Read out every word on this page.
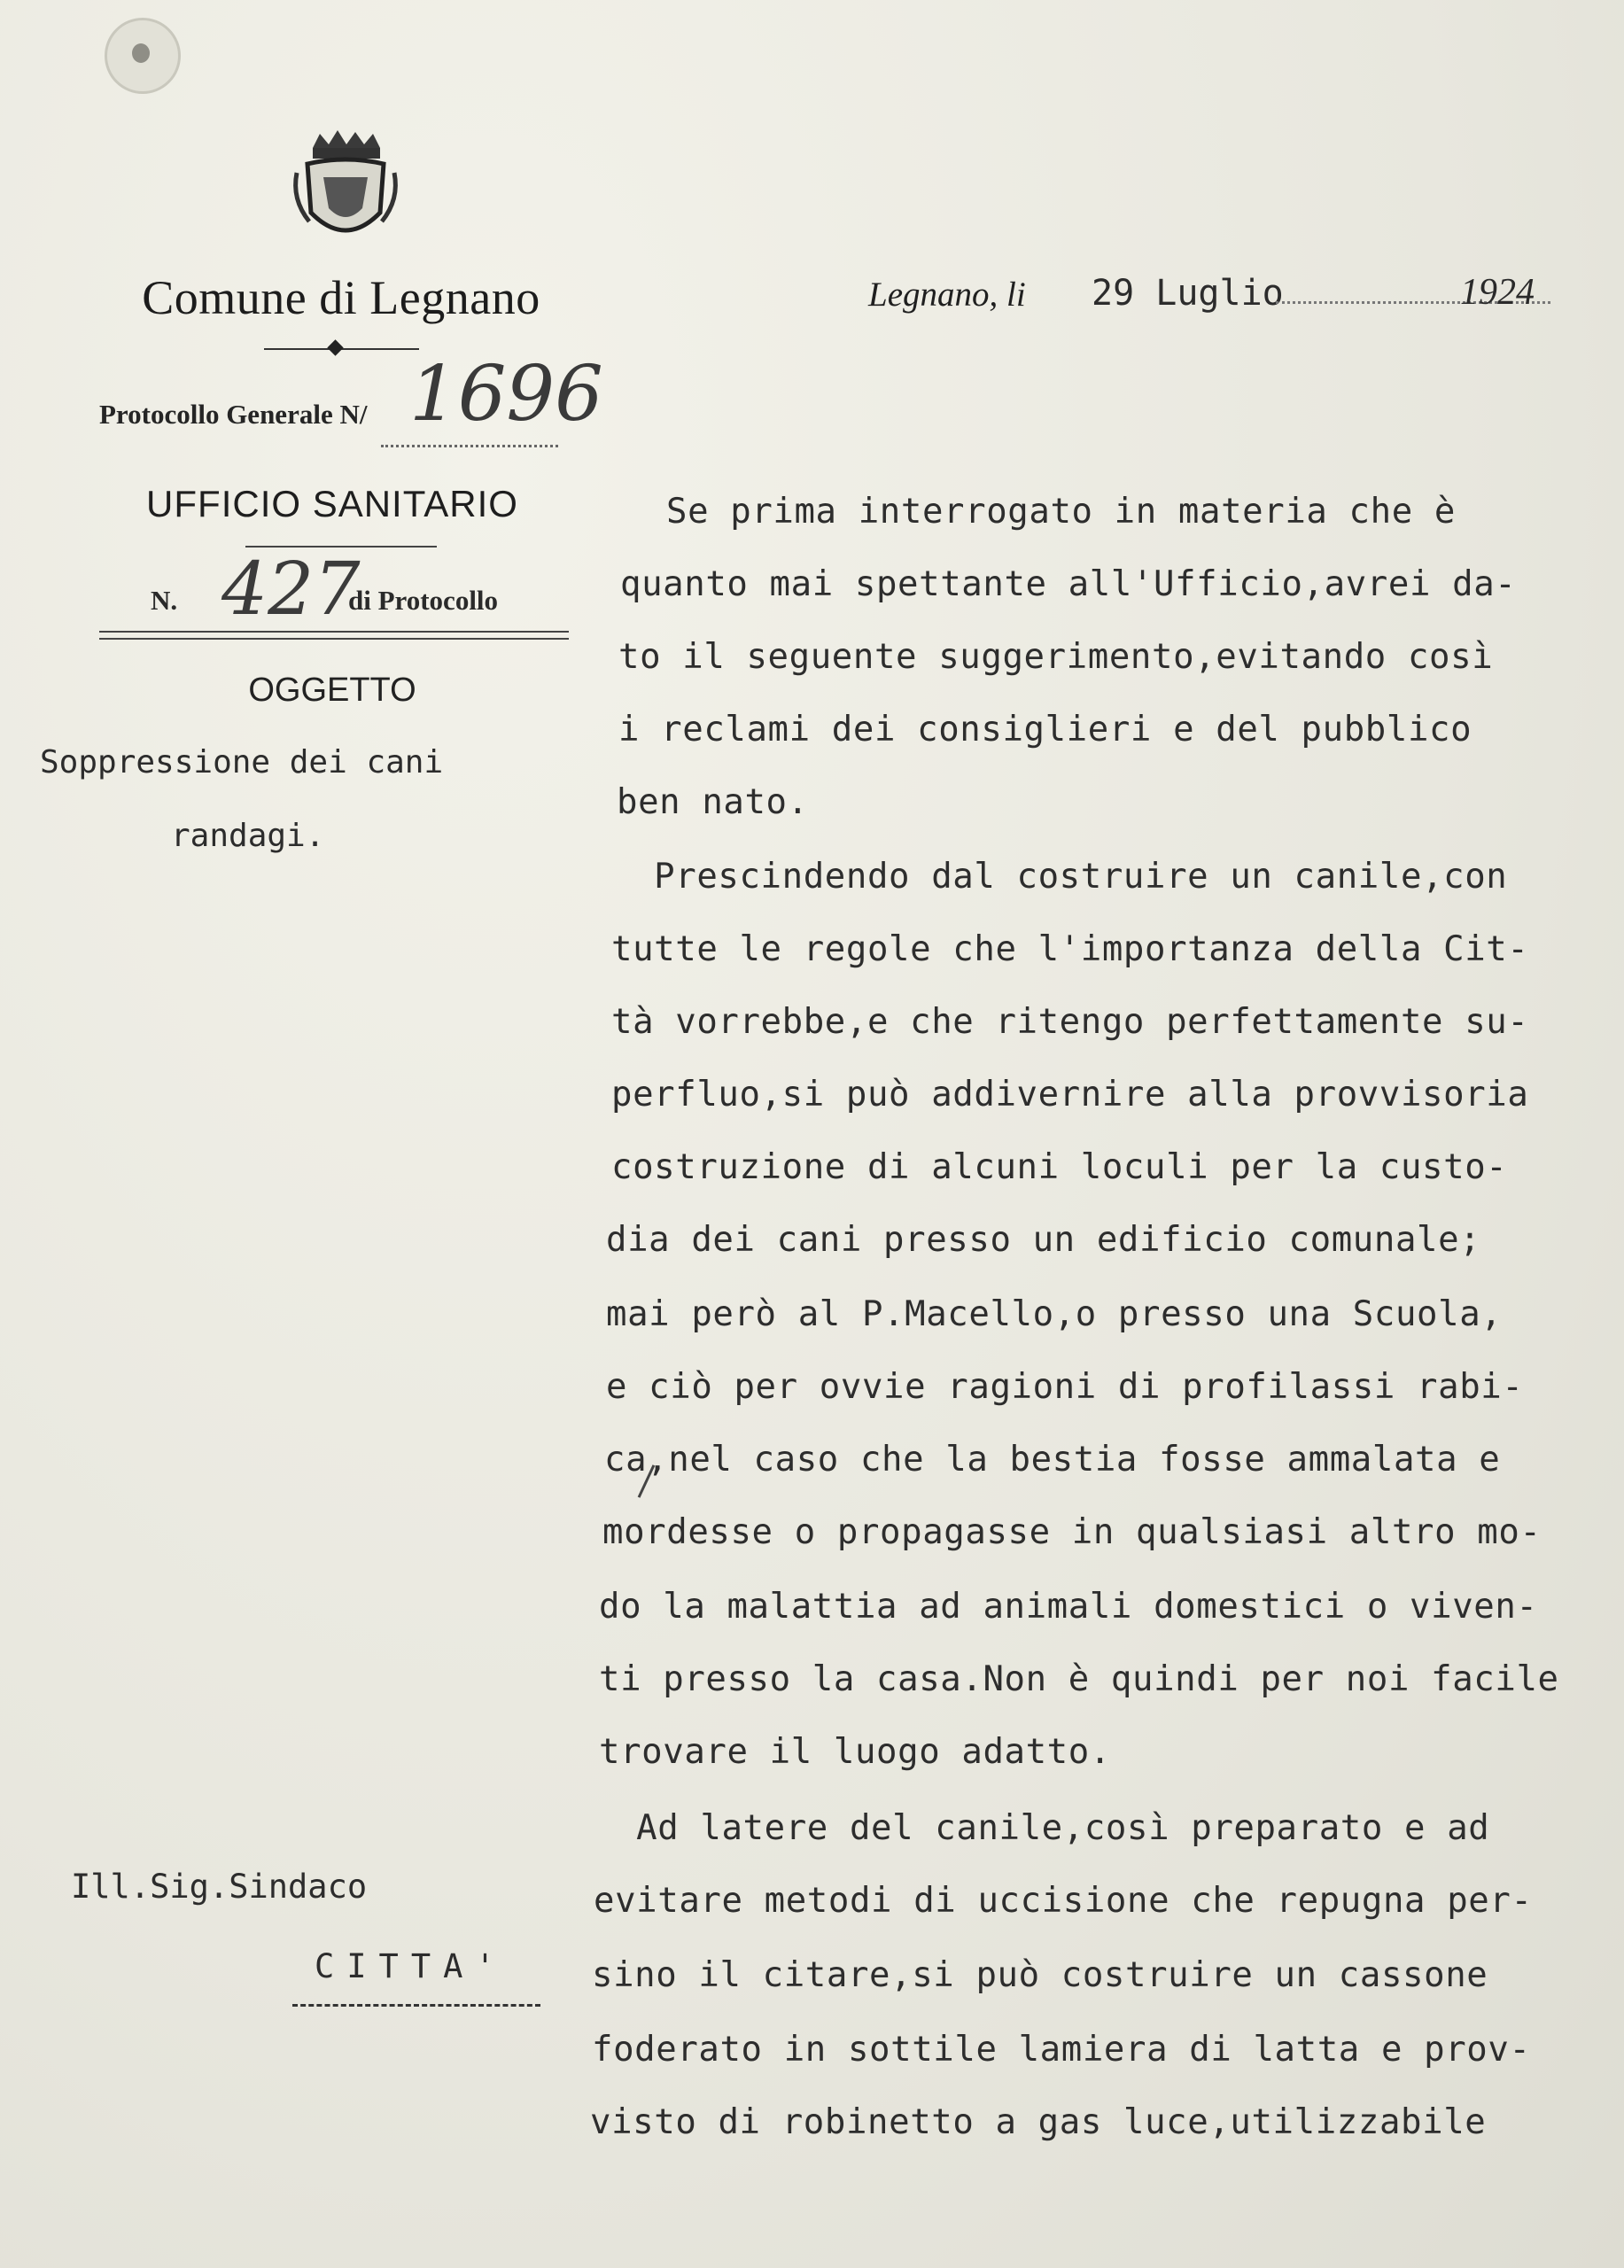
Comune di Legnano
Protocollo Generale N/ 1696
UFFICIO SANITARIO
N. 427
di Protocollo
OGGETTO
Soppressione dei cani
randagi.
Legnano, li 29 Luglio	1924
Se prima interrogato in materia che è
quanto mai spettante all'Ufficio,avrei da-
to il seguente suggerimento,evitando così
i reclami dei consiglieri e del pubblico
ben nato.
Prescindendo dal costruire un canile,con
tutte le regole che l'importanza della Cit-
tà vorrebbe,e che ritengo perfettamente su-
perfluo,si può addivernire alla provvisoria
costruzione di alcuni loculi per la custo-
dia dei cani presso un edificio comunale;
mai però al P.Macello,o presso una Scuola,
e ciò per ovvie ragioni di profilassi rabi-
ca,nel caso che la bestia fosse ammalata e
mordesse o propagasse in qualsiasi altro mo-
do la malattia ad animali domestici o viven-
ti presso la casa.Non è quindi per noi facile
trovare il luogo adatto.
Ad latere del canile,così preparato e ad
evitare metodi di uccisione che repugna per-
sino il citare,si può costruire un cassone
foderato in sottile lamiera di latta e prov-
visto di robinetto a gas luce,utilizzabile
Ill.Sig.Sindaco
CITTA'
